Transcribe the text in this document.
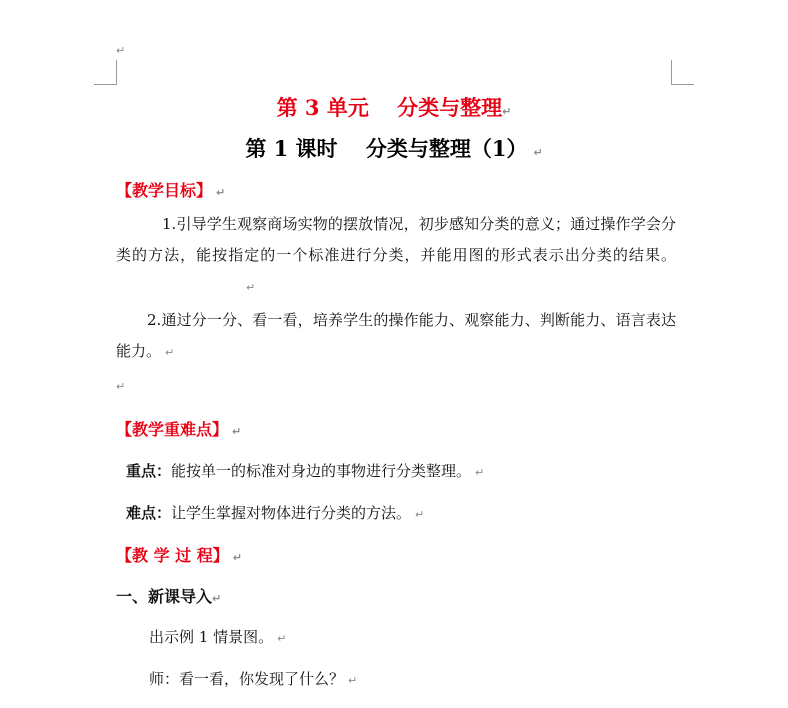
↵
第 3 单元　 分类与整理↵
第 1 课时　 分类与整理（1） ↵
【教学目标】 ↵
1.引导学生观察商场实物的摆放情况，初步感知分类的意义；通过操作学会分类的方法，能按指定的一个标准进行分类，并能用图的形式表示出分类的结果。↵
2.通过分一分、看一看，培养学生的操作能力、观察能力、判断能力、语言表达能力。 ↵
↵
【教学重难点】 ↵
重点：能按单一的标准对身边的事物进行分类整理。 ↵
难点：让学生掌握对物体进行分类的方法。 ↵
【教 学 过 程】 ↵
一、新课导入↵
出示例 1 情景图。 ↵
师：看一看，你发现了什么？ ↵
